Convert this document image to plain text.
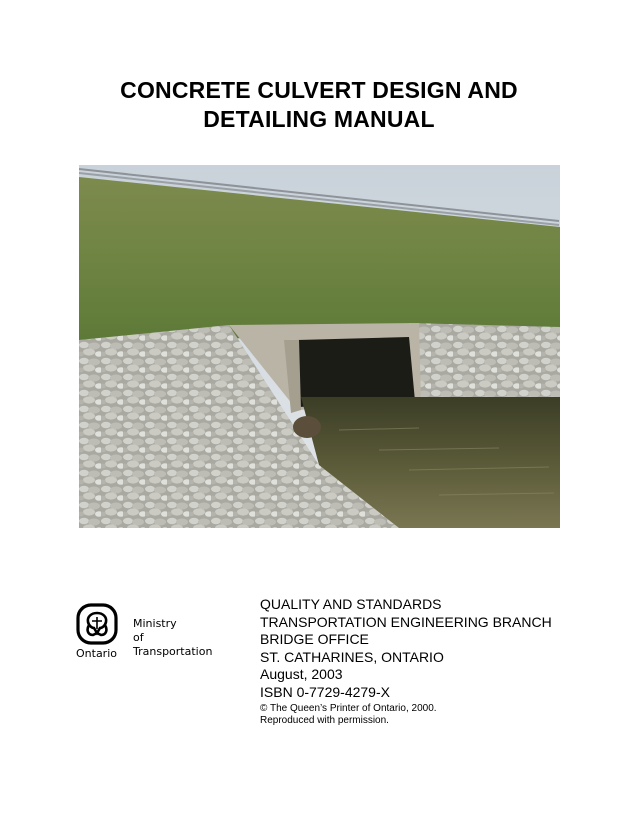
CONCRETE CULVERT DESIGN AND
DETAILING MANUAL
Ontario
Ministry
of
Transportation
QUALITY AND STANDARDS
TRANSPORTATION ENGINEERING BRANCH
BRIDGE OFFICE
ST. CATHARINES, ONTARIO
August, 2003
ISBN 0-7729-4279-X
© The Queen’s Printer of Ontario, 2000.
Reproduced with permission.
